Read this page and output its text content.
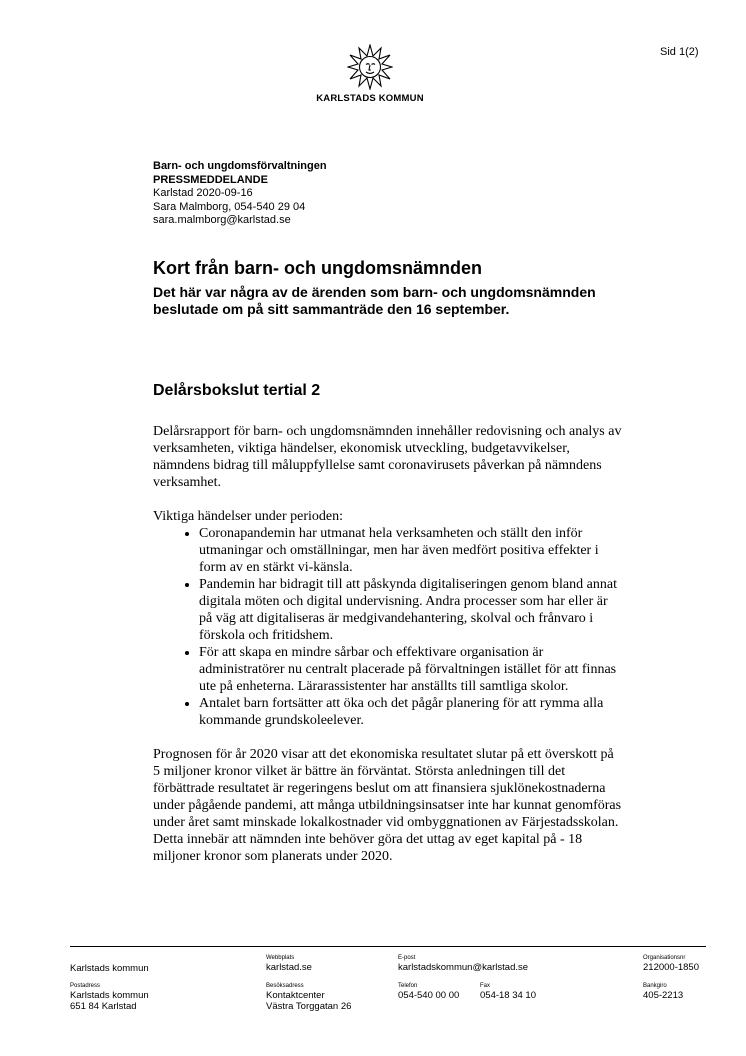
Sid 1(2)
KARLSTADS KOMMUN
Barn- och ungdomsförvaltningen
PRESSMEDDELANDE
Karlstad 2020-09-16
Sara Malmborg, 054-540 29 04
sara.malmborg@karlstad.se
Kort från barn- och ungdomsnämnden
Det här var några av de ärenden som barn- och ungdomsnämnden beslutade om på sitt sammanträde den 16 september.
Delårsbokslut tertial 2

Delårsrapport för barn- och ungdomsnämnden innehåller redovisning och analys av verksamheten, viktiga händelser, ekonomisk utveckling, budgetavvikelser, nämndens bidrag till måluppfyllelse samt coronavirusets påverkan på nämndens verksamhet.

Viktiga händelser under perioden:

• Coronapandemin har utmanat hela verksamheten och ställt den inför utmaningar och omställningar, men har även medfört positiva effekter i form av en stärkt vi-känsla.
• Pandemin har bidragit till att påskynda digitaliseringen genom bland annat digitala möten och digital undervisning. Andra processer som har eller är på väg att digitaliseras är medgivandehantering, skolval och frånvaro i förskola och fritidshem.
• För att skapa en mindre sårbar och effektivare organisation är administratörer nu centralt placerade på förvaltningen istället för att finnas ute på enheterna. Lärarassistenter har anställts till samtliga skolor.
• Antalet barn fortsätter att öka och det pågår planering för att rymma alla kommande grundskoleelever.

Prognosen för år 2020 visar att det ekonomiska resultatet slutar på ett överskott på 5 miljoner kronor vilket är bättre än förväntat. Största anledningen till det förbättrade resultatet är regeringens beslut om att finansiera sjuklönekostnaderna under pågående pandemi, att många utbildningsinsatser inte har kunnat genomföras under året samt minskade lokalkostnader vid ombyggnationen av Färjestadsskolan. Detta innebär att nämnden inte behöver göra det uttag av eget kapital på - 18 miljoner kronor som planerats under 2020.

Karlstads kommun
Webbplats
karlstad.se
E-post
karlstadskommun@karlstad.se
Organisationsnr
212000-1850
Postadress
Karlstads kommun
651 84 Karlstad
Besöksadress
Kontaktcenter
Västra Torggatan 26
Telefon
054-540 00 00
Fax
054-18 34 10
Bankgiro
405-2213
